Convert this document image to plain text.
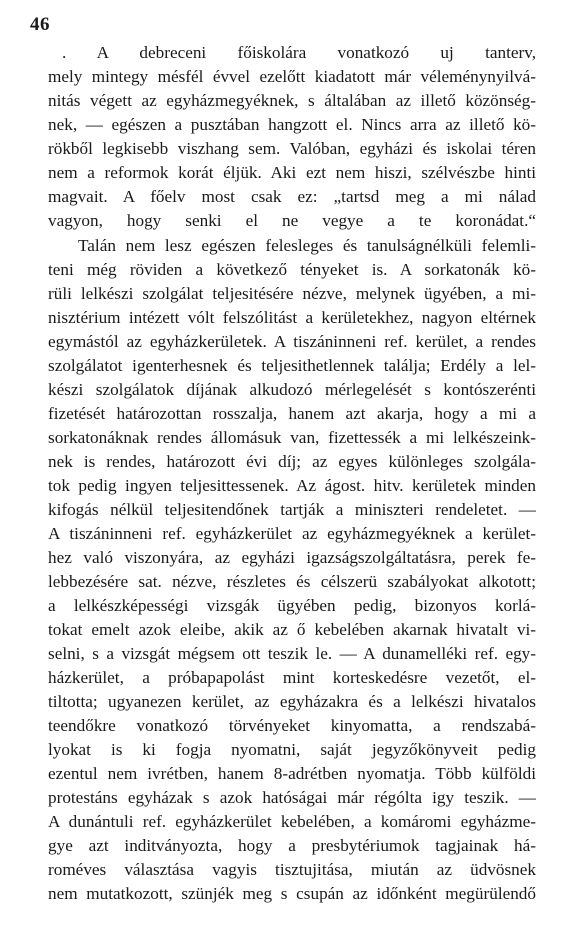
46
. A debreceni főiskolára vonatkozó uj tanterv,
mely mintegy mésfél évvel ezelőtt kiadatott már véleménynyilvá-
nitás végett az egyházmegyéknek, s általában az illető közönség-
nek, — egészen a pusztában hangzott el. Nincs arra az illető kö-
rökből legkisebb viszhang sem. Valóban, egyházi és iskolai téren
nem a reformok korát éljük. Aki ezt nem hiszi, szélvészbe hinti
magvait. A főelv most csak ez: „tartsd meg a mi nálad
vagyon, hogy senki el ne vegye a te koronádat.“
Talán nem lesz egészen felesleges és tanulságnélküli felemli-
teni még röviden a következő tényeket is. A sorkatonák kö-
rüli lelkészi szolgálat teljesitésére nézve, melynek ügyében, a mi-
nisztérium intézett vólt felszólitást a kerületekhez, nagyon eltérnek
egymástól az egyházkerületek. A tiszáninneni ref. kerület, a rendes
szolgálatot igenterhesnek és teljesithetlennek találja; Erdély a lel-
készi szolgálatok díjának alkudozó mérlegelését s kontószerénti
fizetését határozottan rosszalja, hanem azt akarja, hogy a mi a
sorkatonáknak rendes állomásuk van, fizettessék a mi lelkészeink-
nek is rendes, határozott évi díj; az egyes különleges szolgála-
tok pedig ingyen teljesittessenek. Az ágost. hitv. kerületek minden
kifogás nélkül teljesitendőnek tartják a miniszteri rendeletet. —
A tiszáninneni ref. egyházkerület az egyházmegyéknek a kerület-
hez való viszonyára, az egyházi igazságszolgáltatásra, perek fe-
lebbezésére sat. nézve, részletes és célszerü szabályokat alkotott;
a lelkészképességi vizsgák ügyében pedig, bizonyos korlá-
tokat emelt azok eleibe, akik az ő kebelében akarnak hivatalt vi-
selni, s a vizsgát mégsem ott teszik le. — A dunamelléki ref. egy-
házkerület, a próbapapolást mint korteskedésre vezetőt, el-
tiltotta; ugyanezen kerület, az egyházakra és a lelkészi hivatalos
teendőkre vonatkozó törvényeket kinyomatta, a rendszabá-
lyokat is ki fogja nyomatni, saját jegyzőkönyveit pedig
ezentul nem ivrétben, hanem 8-adrétben nyomatja. Több külföldi
protestáns egyházak s azok hatóságai már régólta igy teszik. —
A dunántuli ref. egyházkerület kebelében, a komáromi egyházme-
gye azt inditványozta, hogy a presbytériumok tagjainak há-
roméves választása vagyis tisztujitása, miután az üdvösnek
nem mutatkozott, szünjék meg s csupán az időnként megürülendő
